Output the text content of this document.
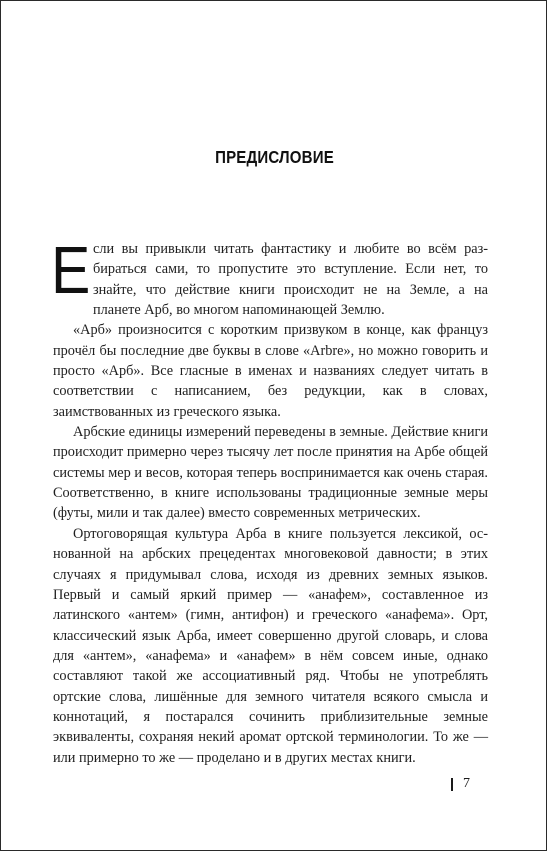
ПРЕДИСЛОВИЕ

Если вы привыкли читать фантастику и любите во всём разбираться сами, то пропустите это вступление. Если нет, то знайте, что действие книги происходит не на Земле, а на планете Арб, во многом напоминающей Землю.

«Арб» произносится с коротким призвуком в конце, как француз прочёл бы последние две буквы в слове «Arbre», но можно говорить и просто «Арб». Все гласные в именах и названиях следует читать в соответствии с написанием, без редукции, как в словах, заимствованных из греческого языка.

Арбские единицы измерений переведены в земные. Действие книги происходит примерно через тысячу лет после принятия на Арбе общей системы мер и весов, которая теперь воспринимается как очень старая. Соответственно, в книге использованы традиционные земные меры (футы, мили и так далее) вместо современных метрических.

Ортоговорящая культура Арба в книге пользуется лексикой, основанной на арбских прецедентах многовековой давности; в этих случаях я придумывал слова, исходя из древних земных языков. Первый и самый яркий пример — «анафем», составленное из латинского «антем» (гимн, антифон) и греческого «анафема». Орт, классический язык Арба, имеет совершенно другой словарь, и слова для «антем», «анафема» и «анафем» в нём совсем иные, однако составляют такой же ассоциативный ряд. Чтобы не употреблять ортские слова, лишённые для земного читателя всякого смысла и коннотаций, я постарался сочинить приблизительные земные эквиваленты, сохраняя некий аромат ортской терминологии. То же — или примерно то же — проделано и в других местах книги.

7
